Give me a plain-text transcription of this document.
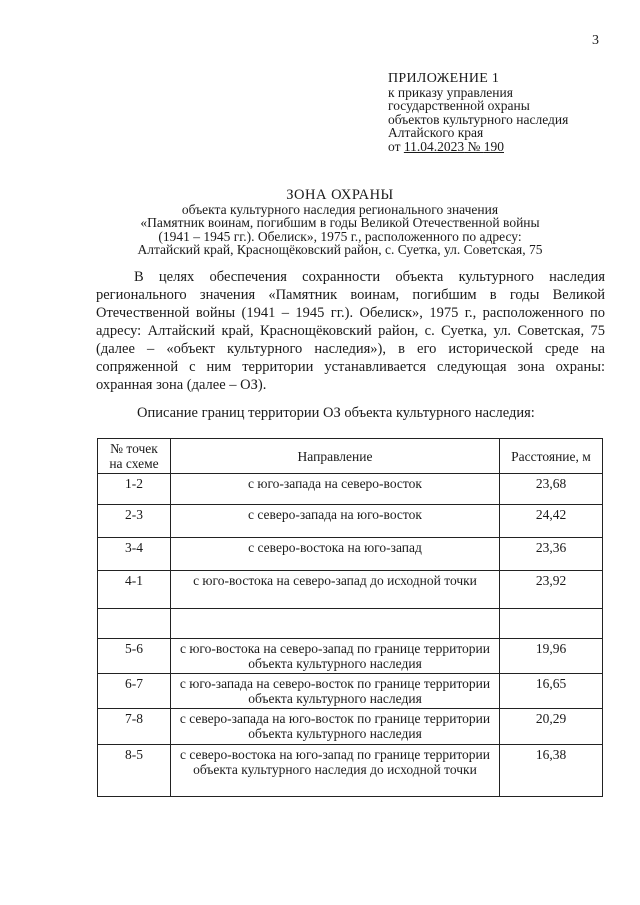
3
ПРИЛОЖЕНИЕ 1
к приказу управления
государственной охраны
объектов культурного наследия
Алтайского края
от 11.04.2023 № 190
ЗОНА ОХРАНЫ
объекта культурного наследия регионального значения
«Памятник воинам, погибшим в годы Великой Отечественной войны
(1941 – 1945 гг.). Обелиск», 1975 г., расположенного по адресу:
Алтайский край, Краснощёковский район, с. Суетка, ул. Советская, 75
В целях обеспечения сохранности объекта культурного наследия
регионального значения «Памятник воинам, погибшим в годы Великой
Отечественной войны (1941 – 1945 гг.). Обелиск», 1975 г., расположенного по
адресу: Алтайский край, Краснощёковский район, с. Суетка, ул. Советская, 75
(далее – «объект культурного наследия»), в его исторической среде на
сопряженной с ним территории устанавливается следующая зона охраны:
охранная зона (далее – ОЗ).
Описание границ территории ОЗ объекта культурного наследия:
№ точек
на схеме	Направление	Расстояние, м
1-2	с юго-запада на северо-восток	23,68
2-3	с северо-запада на юго-восток	24,42
3-4	с северо-востока на юго-запад	23,36
4-1	с юго-востока на северо-запад до исходной точки	23,92

5-6	с юго-востока на северо-запад по границе территории объекта культурного наследия	19,96
6-7	с юго-запада на северо-восток по границе территории объекта культурного наследия	16,65
7-8	с северо-запада на юго-восток по границе территории объекта культурного наследия	20,29
8-5	с северо-востока на юго-запад по границе территории объекта культурного наследия до исходной точки	16,38
